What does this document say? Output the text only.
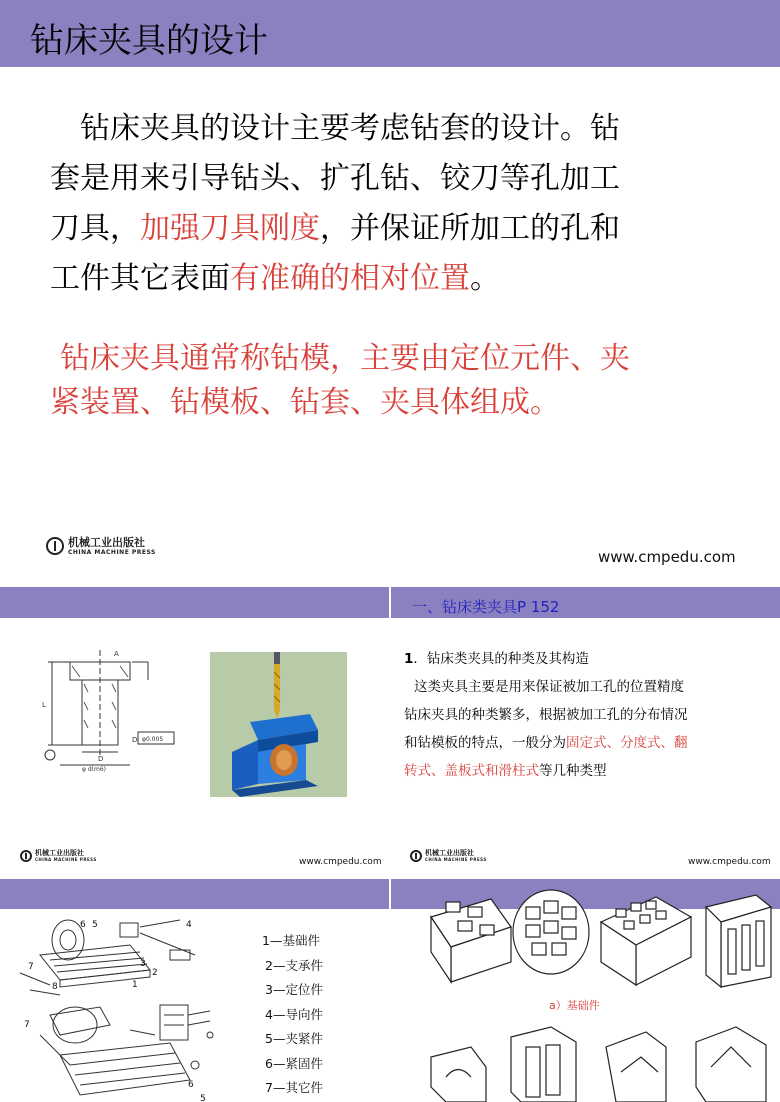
钻床夹具的设计
钻床夹具的设计主要考虑钻套的设计。钻
套是用来引导钻头、扩孔钻、铰刀等孔加工
刀具，加强刀具刚度，并保证所加工的孔和
工件其它表面有准确的相对位置。
钻床夹具通常称钻模，主要由定位元件、夹
紧装置、钻模板、钻套、夹具体组成。
机械工业出版社
CHINA MACHINE PRESS	www.cmpedu.com
一、钻床类夹具P 152
A
D
φ0.005
L
D
φ d(m6)
1．钻床类夹具的种类及其构造
这类夹具主要是用来保证被加工孔的位置精度
钻床夹具的种类繁多，根据被加工孔的分布情况
和钻模板的特点，一般分为固定式、分度式、翻
转式、盖板式和滑柱式等几种类型
机械工业出版社
CHINA MACHINE PRESS	www.cmpedu.com
机械工业出版社
CHINA MACHINE PRESS	www.cmpedu.com
6 5	4
3
2
1
7
8
7
6
5
1—基础件
2—支承件
3—定位件
4—导向件
5—夹紧件
6—紧固件
7—其它件
a）基础件
